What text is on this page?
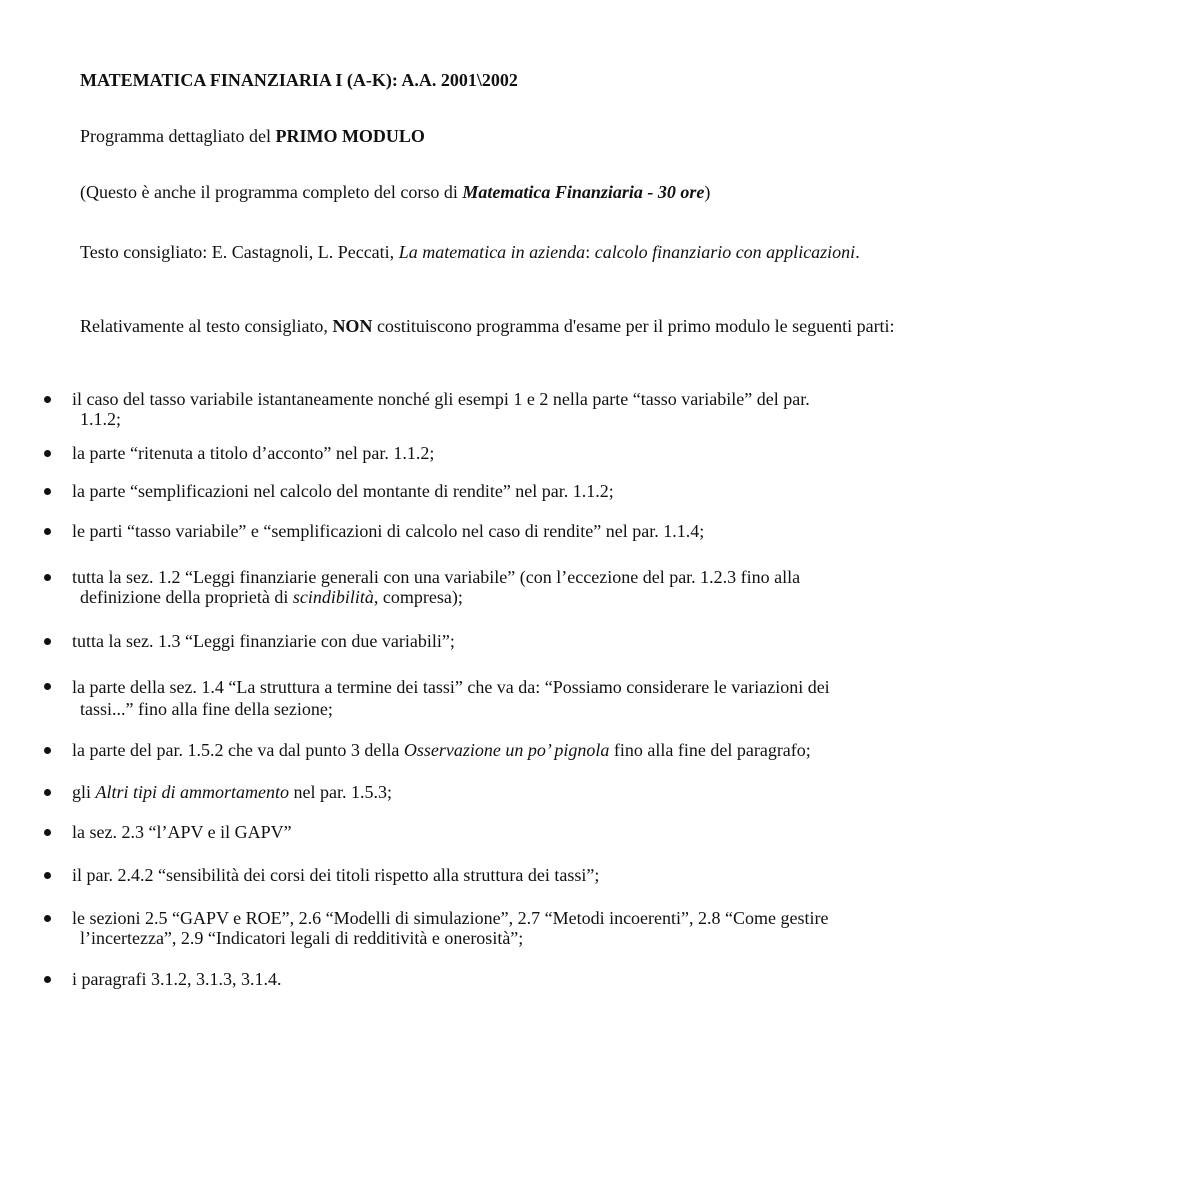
MATEMATICA FINANZIARIA I (A-K): A.A. 2001\2002

Programma dettagliato del PRIMO MODULO

(Questo è anche il programma completo del corso di Matematica Finanziaria - 30 ore)

Testo consigliato: E. Castagnoli, L. Peccati, La matematica in azienda: calcolo finanziario con applicazioni.

Relativamente al testo consigliato, NON costituiscono programma d'esame per il primo modulo le seguenti parti:

il caso del tasso variabile istantaneamente nonché gli esempi 1 e 2 nella parte “tasso variabile” del par.
1.1.2;
la parte “ritenuta a titolo d’acconto” nel par. 1.1.2;
la parte “semplificazioni nel calcolo del montante di rendite” nel par. 1.1.2;
le parti “tasso variabile” e “semplificazioni di calcolo nel caso di rendite” nel par. 1.1.4;
tutta la sez. 1.2 “Leggi finanziarie generali con una variabile” (con l’eccezione del par. 1.2.3 fino alla
definizione della proprietà di scindibilità, compresa);
tutta la sez. 1.3 “Leggi finanziarie con due variabili”;
la parte della sez. 1.4 “La struttura a termine dei tassi” che va da: “Possiamo considerare le variazioni dei
tassi...” fino alla fine della sezione;
la parte del par. 1.5.2 che va dal punto 3 della Osservazione un po’ pignola fino alla fine del paragrafo;
gli Altri tipi di ammortamento nel par. 1.5.3;
la sez. 2.3 “l’APV e il GAPV”
il par. 2.4.2 “sensibilità dei corsi dei titoli rispetto alla struttura dei tassi”;
le sezioni 2.5 “GAPV e ROE”, 2.6 “Modelli di simulazione”, 2.7 “Metodi incoerenti”, 2.8 “Come gestire
l’incertezza”, 2.9 “Indicatori legali di redditività e onerosità”;
i paragrafi 3.1.2, 3.1.3, 3.1.4.
